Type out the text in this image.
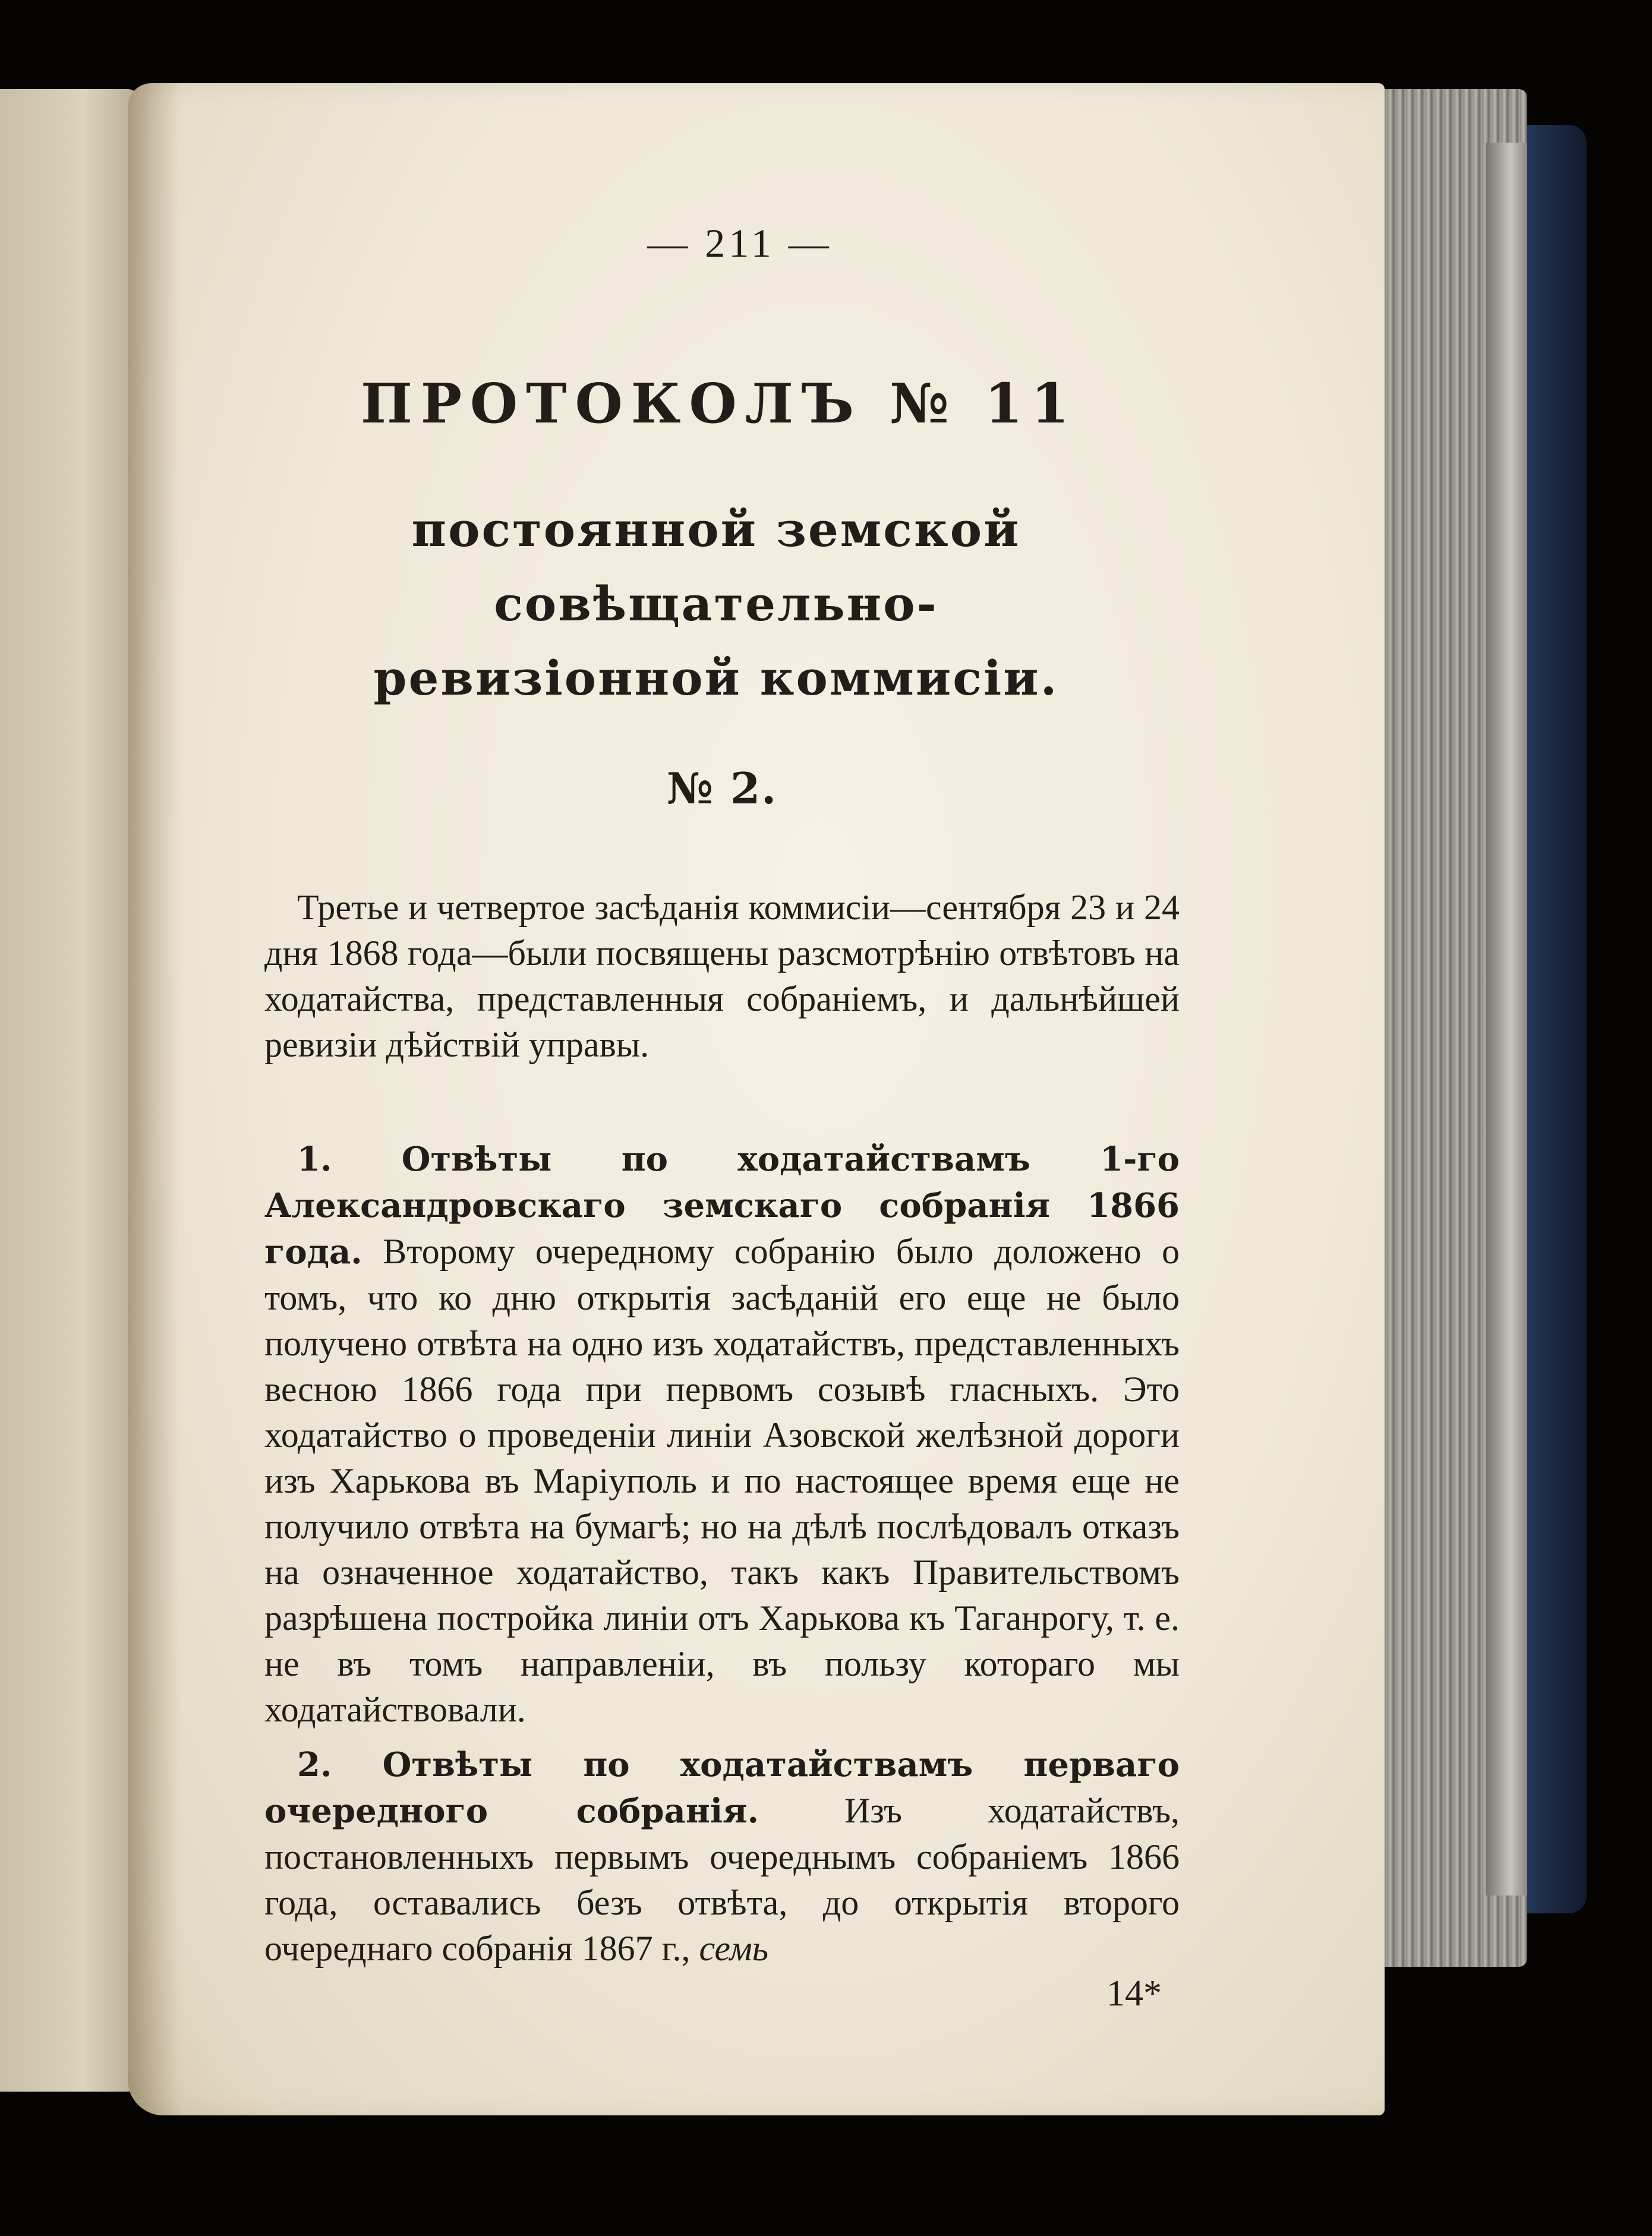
— 211 —

ПРОТОКОЛЪ № 11
постоянной земской совѣщательно-
ревизіонной коммисіи.
№ 2.

Третье и четвертое засѣданія коммисіи—сентября 23 и 24 дня 1868 года—были посвящены разсмотрѣнію отвѣтовъ на ходатайства, представленныя собраніемъ, и дальнѣйшей ревизіи дѣйствій управы.

1. Отвѣты по ходатайствамъ 1-го Александровскаго земскаго собранія 1866 года. Второму очередному собранію было доложено о томъ, что ко дню открытія засѣданій его еще не было получено отвѣта на одно изъ ходатайствъ, представленныхъ весною 1866 года при первомъ созывѣ гласныхъ. Это ходатайство о проведеніи линіи Азовской желѣзной дороги изъ Харькова въ Маріуполь и по настоящее время еще не получило отвѣта на бумагѣ; но на дѣлѣ послѣдовалъ отказъ на означенное ходатайство, такъ какъ Правительствомъ разрѣшена постройка линіи отъ Харькова къ Таганрогу, т. е. не въ томъ направленіи, въ пользу котораго мы ходатайствовали.

2. Отвѣты по ходатайствамъ перваго очередного собранія. Изъ ходатайствъ, постановленныхъ первымъ очереднымъ собраніемъ 1866 года, оставались безъ отвѣта, до открытія второго очереднаго собранія 1867 г., семь

14*
